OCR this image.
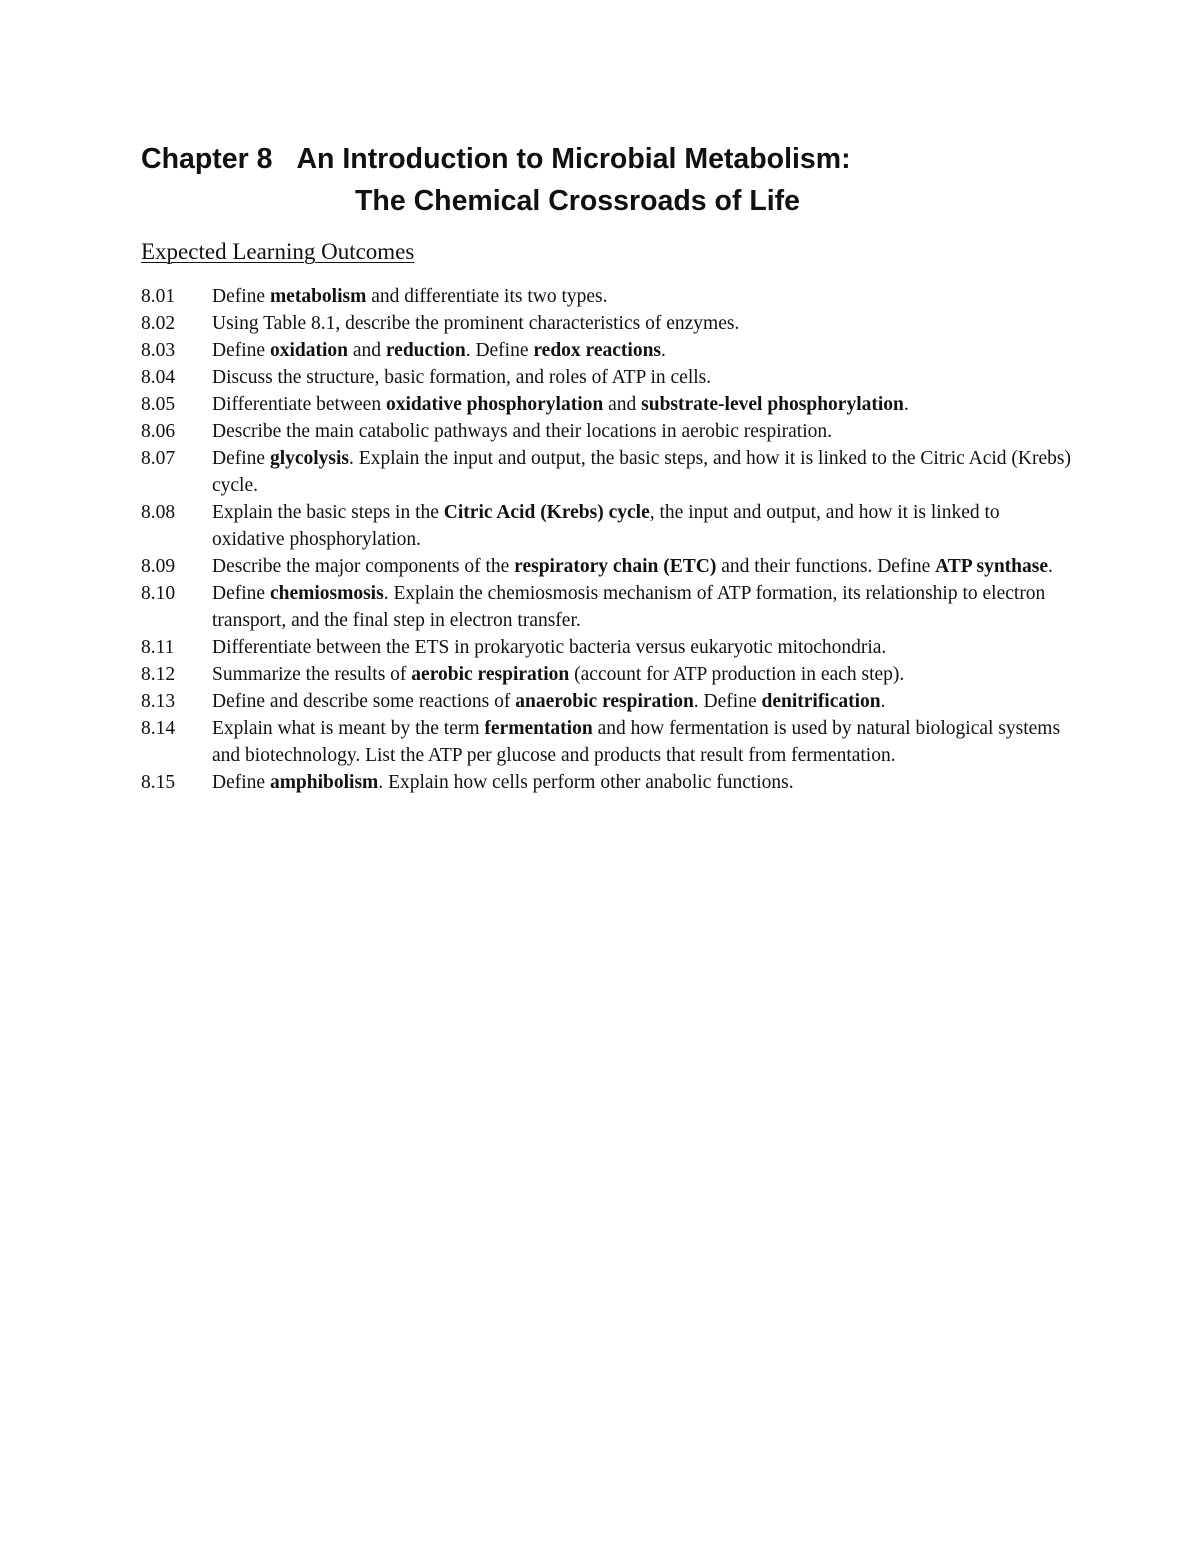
Chapter 8 An Introduction to Microbial Metabolism:
The Chemical Crossroads of Life
Expected Learning Outcomes
8.01	Define metabolism and differentiate its two types.
8.02	Using Table 8.1, describe the prominent characteristics of enzymes.
8.03	Define oxidation and reduction. Define redox reactions.
8.04	Discuss the structure, basic formation, and roles of ATP in cells.
8.05	Differentiate between oxidative phosphorylation and substrate-level phosphorylation.
8.06	Describe the main catabolic pathways and their locations in aerobic respiration.
8.07	Define glycolysis. Explain the input and output, the basic steps, and how it is linked to the Citric Acid (Krebs) cycle.
8.08	Explain the basic steps in the Citric Acid (Krebs) cycle, the input and output, and how it is linked to oxidative phosphorylation.
8.09	Describe the major components of the respiratory chain (ETC) and their functions. Define ATP synthase.
8.10	Define chemiosmosis. Explain the chemiosmosis mechanism of ATP formation, its relationship to electron transport, and the final step in electron transfer.
8.11	Differentiate between the ETS in prokaryotic bacteria versus eukaryotic mitochondria.
8.12	Summarize the results of aerobic respiration (account for ATP production in each step).
8.13	Define and describe some reactions of anaerobic respiration. Define denitrification.
8.14	Explain what is meant by the term fermentation and how fermentation is used by natural biological systems and biotechnology. List the ATP per glucose and products that result from fermentation.
8.15	Define amphibolism. Explain how cells perform other anabolic functions.
